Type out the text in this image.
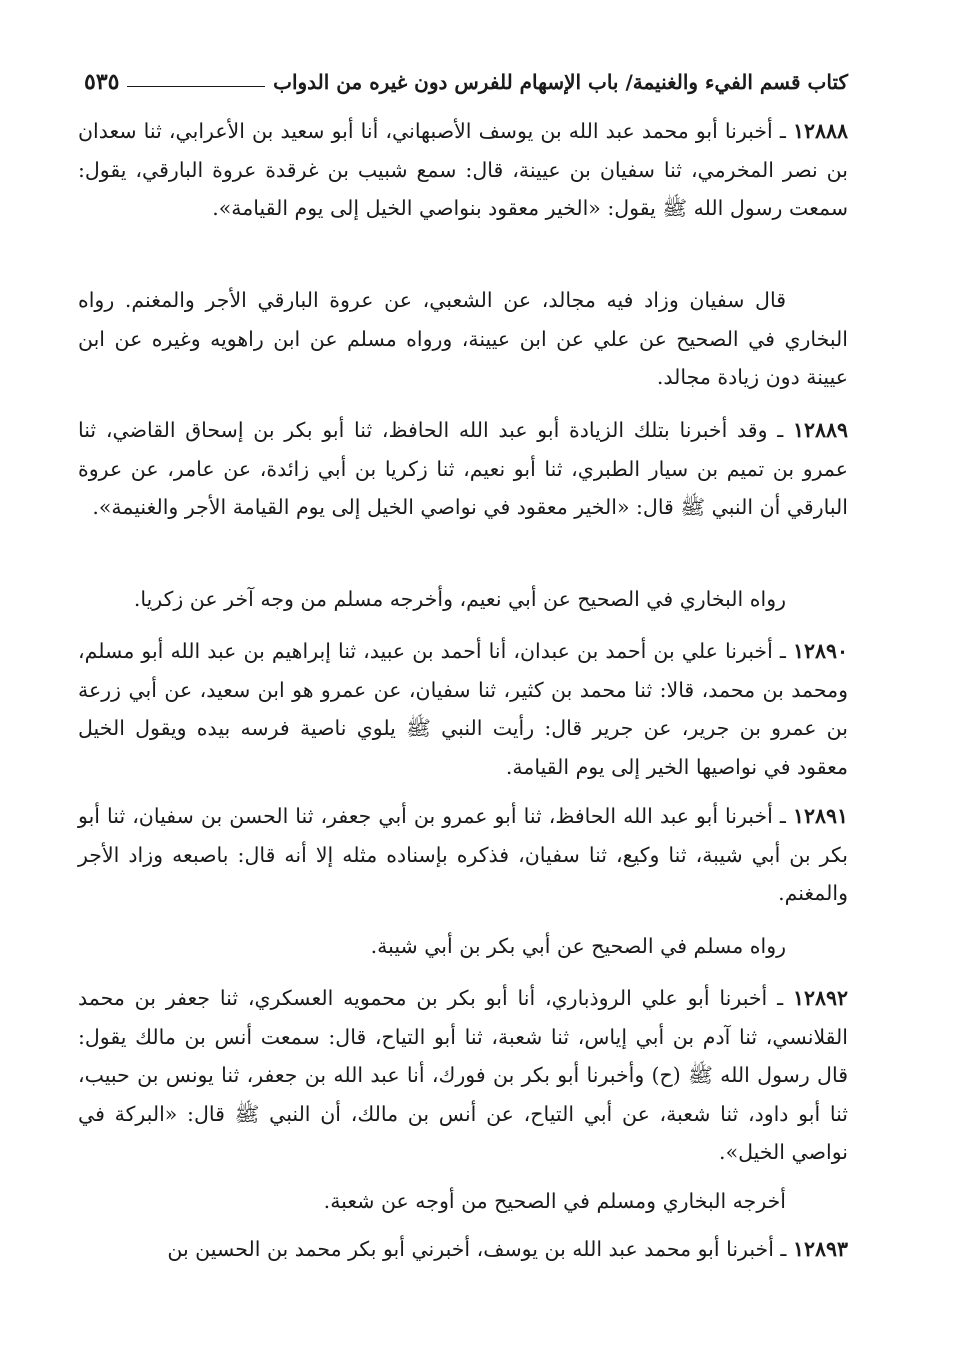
كتاب قسم الفيء والغنيمة/ باب الإسهام للفرس دون غيره من الدواب
٥٣٥

١٢٨٨٨ ـ أخبرنا أبو محمد عبد الله بن يوسف الأصبهاني، أنا أبو سعيد بن الأعرابي، ثنا سعدان بن نصر المخرمي، ثنا سفيان بن عيينة، قال: سمع شبيب بن غرقدة عروة البارقي، يقول: سمعت رسول الله ﷺ يقول: «الخير معقود بنواصي الخيل إلى يوم القيامة».

قال سفيان وزاد فيه مجالد، عن الشعبي، عن عروة البارقي الأجر والمغنم. رواه البخاري في الصحيح عن علي عن ابن عيينة، ورواه مسلم عن ابن راهويه وغيره عن ابن عيينة دون زيادة مجالد.

١٢٨٨٩ ـ وقد أخبرنا بتلك الزيادة أبو عبد الله الحافظ، ثنا أبو بكر بن إسحاق القاضي، ثنا عمرو بن تميم بن سيار الطبري، ثنا أبو نعيم، ثنا زكريا بن أبي زائدة، عن عامر، عن عروة البارقي أن النبي ﷺ قال: «الخير معقود في نواصي الخيل إلى يوم القيامة الأجر والغنيمة».

رواه البخاري في الصحيح عن أبي نعيم، وأخرجه مسلم من وجه آخر عن زكريا.

١٢٨٩٠ ـ أخبرنا علي بن أحمد بن عبدان، أنا أحمد بن عبيد، ثنا إبراهيم بن عبد الله أبو مسلم، ومحمد بن محمد، قالا: ثنا محمد بن كثير، ثنا سفيان، عن عمرو هو ابن سعيد، عن أبي زرعة بن عمرو بن جرير، عن جرير قال: رأيت النبي ﷺ يلوي ناصية فرسه بيده ويقول الخيل معقود في نواصيها الخير إلى يوم القيامة.

١٢٨٩١ ـ أخبرنا أبو عبد الله الحافظ، ثنا أبو عمرو بن أبي جعفر، ثنا الحسن بن سفيان، ثنا أبو بكر بن أبي شيبة، ثنا وكيع، ثنا سفيان، فذكره بإسناده مثله إلا أنه قال: باصبعه وزاد الأجر والمغنم.

رواه مسلم في الصحيح عن أبي بكر بن أبي شيبة.

١٢٨٩٢ ـ أخبرنا أبو علي الروذباري، أنا أبو بكر بن محمويه العسكري، ثنا جعفر بن محمد القلانسي، ثنا آدم بن أبي إياس، ثنا شعبة، ثنا أبو التياح، قال: سمعت أنس بن مالك يقول: قال رسول الله ﷺ (ح) وأخبرنا أبو بكر بن فورك، أنا عبد الله بن جعفر، ثنا يونس بن حبيب، ثنا أبو داود، ثنا شعبة، عن أبي التياح، عن أنس بن مالك، أن النبي ﷺ قال: «البركة في نواصي الخيل».

أخرجه البخاري ومسلم في الصحيح من أوجه عن شعبة.

١٢٨٩٣ ـ أخبرنا أبو محمد عبد الله بن يوسف، أخبرني أبو بكر محمد بن الحسين بن
